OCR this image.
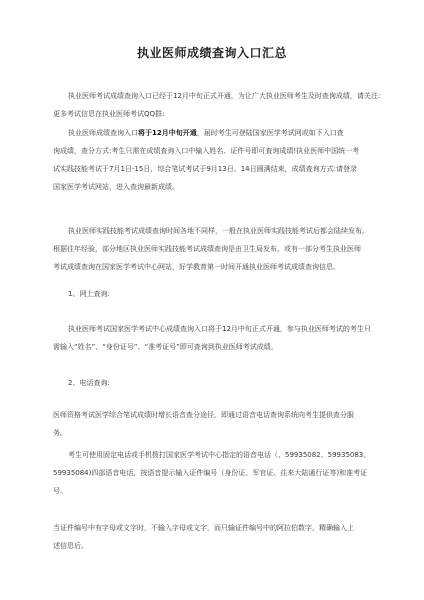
执业医师成绩查询入口汇总
执业医师考试成绩查询入口已经于12月中旬正式开通，为让广大执业医师考生及时查询成绩，请关注:
更多考试信息在执业医师考试QQ群:
执业医师成绩查询入口将于12月中旬开通，届时考生可登陆国家医学考试网或如下入口查
询成绩，查分方式:考生只需在成绩查询入口中输入姓名、证件号即可查询成绩!执业医师中国统一考
试实践技能考试于7月1日-15日，综合笔试考试于9月13日、14日圆满结束，成绩查询方式:请登录
国家医学考试网站，进入查询最新成绩。
执业医师实践技能考试成绩查询时间各地不同样，一般在执业医师实践技能考试后都会陆续发布。
根据往年经验，部分地区执业医师实践技能考试成绩查询是由卫生局发布，或有一部分考生执业医师
考试成绩查询在国家医学考试中心网站，好学教育第一时间开通执业医师考试成绩查询信息。
1、网上查询:
执业医师考试国家医学考试中心成绩查询入口将于12月中旬正式开通，参与执业医师考试的考生只
需输入“姓名”、“身份证号”、“准考证号”即可查询到执业医师考试成绩。
2、电话查询:
医师资格考试医学综合笔试成绩时增长语音查分途径，即通过语音电话查询系统向考生提供查分服
务。
考生可使用固定电话或手机拨打国家医学考试中心指定的语音电话（、59935082、59935083、
59935084)四部语音电话，按语音提示输入证件编号（身份证、军官证、往来大陆通行证等)和准考证
号。
当证件编号中有字母或文字时，不输入字母或文字，而只输证件编号中的阿拉伯数字，精确输入上
述信息后。
